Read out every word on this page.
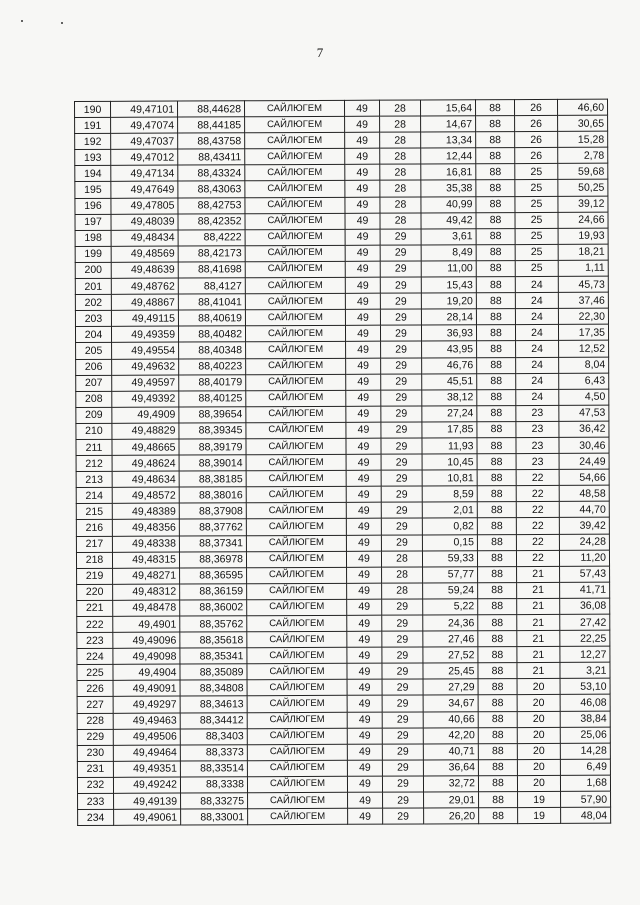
7
190	49,47101	88,44628	САЙЛЮГЕМ	49	28	15,64	88	26	46,60
191	49,47074	88,44185	САЙЛЮГЕМ	49	28	14,67	88	26	30,65
192	49,47037	88,43758	САЙЛЮГЕМ	49	28	13,34	88	26	15,28
193	49,47012	88,43411	САЙЛЮГЕМ	49	28	12,44	88	26	2,78
194	49,47134	88,43324	САЙЛЮГЕМ	49	28	16,81	88	25	59,68
195	49,47649	88,43063	САЙЛЮГЕМ	49	28	35,38	88	25	50,25
196	49,47805	88,42753	САЙЛЮГЕМ	49	28	40,99	88	25	39,12
197	49,48039	88,42352	САЙЛЮГЕМ	49	28	49,42	88	25	24,66
198	49,48434	88,4222	САЙЛЮГЕМ	49	29	3,61	88	25	19,93
199	49,48569	88,42173	САЙЛЮГЕМ	49	29	8,49	88	25	18,21
200	49,48639	88,41698	САЙЛЮГЕМ	49	29	11,00	88	25	1,11
201	49,48762	88,4127	САЙЛЮГЕМ	49	29	15,43	88	24	45,73
202	49,48867	88,41041	САЙЛЮГЕМ	49	29	19,20	88	24	37,46
203	49,49115	88,40619	САЙЛЮГЕМ	49	29	28,14	88	24	22,30
204	49,49359	88,40482	САЙЛЮГЕМ	49	29	36,93	88	24	17,35
205	49,49554	88,40348	САЙЛЮГЕМ	49	29	43,95	88	24	12,52
206	49,49632	88,40223	САЙЛЮГЕМ	49	29	46,76	88	24	8,04
207	49,49597	88,40179	САЙЛЮГЕМ	49	29	45,51	88	24	6,43
208	49,49392	88,40125	САЙЛЮГЕМ	49	29	38,12	88	24	4,50
209	49,4909	88,39654	САЙЛЮГЕМ	49	29	27,24	88	23	47,53
210	49,48829	88,39345	САЙЛЮГЕМ	49	29	17,85	88	23	36,42
211	49,48665	88,39179	САЙЛЮГЕМ	49	29	11,93	88	23	30,46
212	49,48624	88,39014	САЙЛЮГЕМ	49	29	10,45	88	23	24,49
213	49,48634	88,38185	САЙЛЮГЕМ	49	29	10,81	88	22	54,66
214	49,48572	88,38016	САЙЛЮГЕМ	49	29	8,59	88	22	48,58
215	49,48389	88,37908	САЙЛЮГЕМ	49	29	2,01	88	22	44,70
216	49,48356	88,37762	САЙЛЮГЕМ	49	29	0,82	88	22	39,42
217	49,48338	88,37341	САЙЛЮГЕМ	49	29	0,15	88	22	24,28
218	49,48315	88,36978	САЙЛЮГЕМ	49	28	59,33	88	22	11,20
219	49,48271	88,36595	САЙЛЮГЕМ	49	28	57,77	88	21	57,43
220	49,48312	88,36159	САЙЛЮГЕМ	49	28	59,24	88	21	41,71
221	49,48478	88,36002	САЙЛЮГЕМ	49	29	5,22	88	21	36,08
222	49,4901	88,35762	САЙЛЮГЕМ	49	29	24,36	88	21	27,42
223	49,49096	88,35618	САЙЛЮГЕМ	49	29	27,46	88	21	22,25
224	49,49098	88,35341	САЙЛЮГЕМ	49	29	27,52	88	21	12,27
225	49,4904	88,35089	САЙЛЮГЕМ	49	29	25,45	88	21	3,21
226	49,49091	88,34808	САЙЛЮГЕМ	49	29	27,29	88	20	53,10
227	49,49297	88,34613	САЙЛЮГЕМ	49	29	34,67	88	20	46,08
228	49,49463	88,34412	САЙЛЮГЕМ	49	29	40,66	88	20	38,84
229	49,49506	88,3403	САЙЛЮГЕМ	49	29	42,20	88	20	25,06
230	49,49464	88,3373	САЙЛЮГЕМ	49	29	40,71	88	20	14,28
231	49,49351	88,33514	САЙЛЮГЕМ	49	29	36,64	88	20	6,49
232	49,49242	88,3338	САЙЛЮГЕМ	49	29	32,72	88	20	1,68
233	49,49139	88,33275	САЙЛЮГЕМ	49	29	29,01	88	19	57,90
234	49,49061	88,33001	САЙЛЮГЕМ	49	29	26,20	88	19	48,04
